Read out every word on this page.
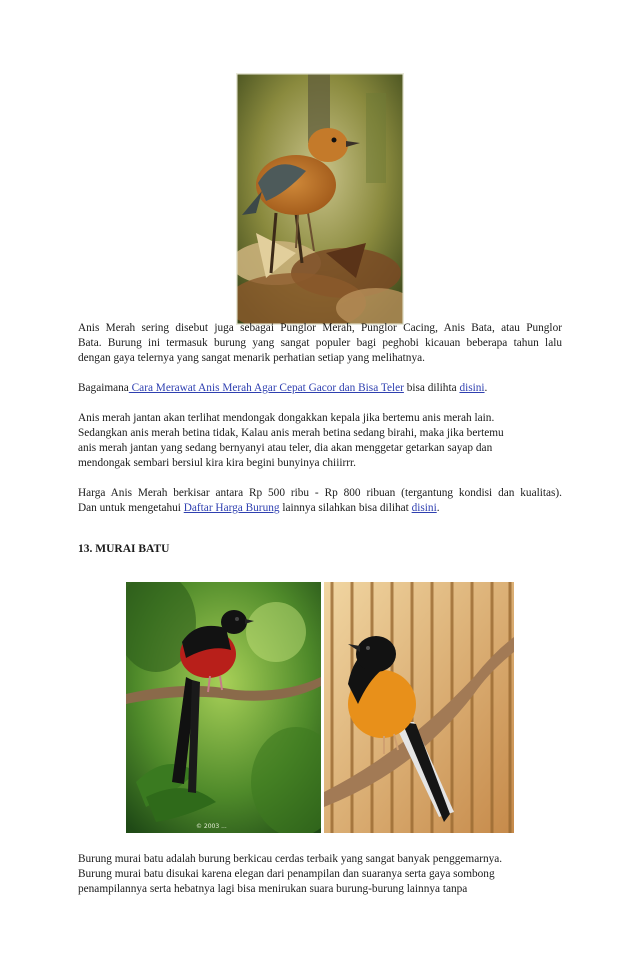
Anis Merah sering disebut juga sebagai Punglor Merah, Punglor Cacing, Anis Bata, atau Punglor
Bata. Burung ini termasuk burung yang sangat populer bagi peghobi kicauan beberapa tahun lalu
dengan gaya telernya yang sangat menarik perhatian setiap yang melihatnya.
Bagaimana Cara Merawat Anis Merah Agar Cepat Gacor dan Bisa Teler bisa dilihta disini.
Anis merah jantan akan terlihat mendongak dongakkan kepala jika bertemu anis merah lain.
Sedangkan anis merah betina tidak, Kalau anis merah betina sedang birahi, maka jika bertemu
anis merah jantan yang sedang bernyanyi atau teler, dia akan menggetar getarkan sayap dan
mendongak sembari bersiul kira kira begini bunyinya chiiirrr.
Harga Anis Merah berkisar antara Rp 500 ribu - Rp 800 ribuan (tergantung kondisi dan kualitas).
Dan untuk mengetahui Daftar Harga Burung lainnya silahkan bisa dilihat disini.

13. MURAI BATU

© 2003 ...
Burung murai batu adalah burung berkicau cerdas terbaik yang sangat banyak penggemarnya.
Burung murai batu disukai karena elegan dari penampilan dan suaranya serta gaya sombong
penampilannya serta hebatnya lagi bisa menirukan suara burung-burung lainnya tanpa
